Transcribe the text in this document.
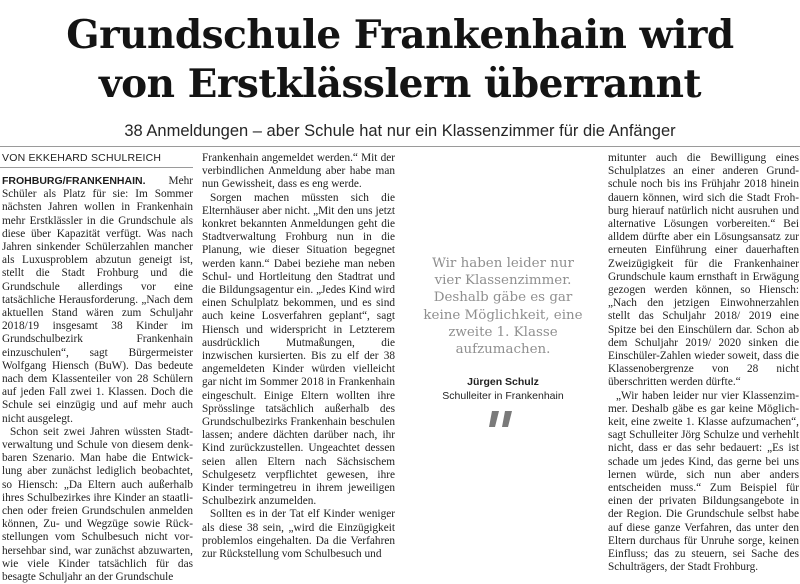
Grundschule Frankenhain wird
von Erstklässlern überrannt
38 Anmeldungen – aber Schule hat nur ein Klassenzimmer für die Anfänger
VON EKKEHARD SCHULREICH

FROHBURG/FRANKENHAIN. Mehr Schüler als Platz für sie: Im Sommer nächsten Jahren wollen in Frankenhain mehr Erstklässler in die Grundschule als diese über Kapazität verfügt. Was nach Jahren sinkender Schülerzahlen mancher als Luxusproblem abzutun geneigt ist, stellt die Stadt Frohburg und die Grundschule allerdings vor eine tatsächliche Herausforderung. „Nach dem aktuellen Stand wären zum Schuljahr 2018/19 insgesamt 38 Kinder im Grundschulbezirk Frankenhain einzuschulen“, sagt Bürgermeister Wolfgang Hiensch (BuW). Das bedeute nach dem Klassenteiler von 28 Schülern auf jeden Fall zwei 1. Klassen. Doch die Schule sei einzügig und auf mehr auch nicht ausgelegt.

Schon seit zwei Jahren wüssten Stadtverwaltung und Schule von diesem denkbaren Szenario. Man habe die Entwicklung aber zunächst lediglich beobachtet, so Hiensch: „Da Eltern auch außerhalb ihres Schulbezirkes ihre Kinder an staatlichen oder freien Grundschulen anmelden können, Zu- und Wegzüge sowie Rückstellungen vom Schulbesuch nicht vorhersehbar sind, war zunächst abzuwarten, wie viele Kinder tatsächlich für das besagte Schuljahr an der Grundschule

Frankenhain angemeldet werden.“ Mit der verbindlichen Anmeldung aber habe man nun Gewissheit, dass es eng werde.

Sorgen machen müssten sich die Elternhäuser aber nicht. „Mit den uns jetzt konkret bekannten Anmeldungen geht die Stadtverwaltung Frohburg nun in die Planung, wie dieser Situation begegnet werden kann.“ Dabei beziehe man neben Schul- und Hortleitung den Stadtrat und die Bildungsagentur ein. „Jedes Kind wird einen Schulplatz bekommen, und es sind auch keine Losverfahren geplant“, sagt Hiensch und widerspricht in Letzterem ausdrücklich Mutmaßungen, die inzwischen kursierten. Bis zu elf der 38 angemeldeten Kinder würden vielleicht gar nicht im Sommer 2018 in Frankenhain eingeschult. Einige Eltern wollten ihre Sprösslinge tatsächlich außerhalb des Grundschulbezirks Frankenhain beschulen lassen; andere dächten darüber nach, ihr Kind zurückzustellen. Ungeachtet dessen seien allen Eltern nach Sächsischem Schulgesetz verpflichtet gewesen, ihre Kinder termingetreu in ihrem jeweiligen Schulbezirk anzumelden.

Sollten es in der Tat elf Kinder weniger als diese 38 sein, „wird die Einzügigkeit problemlos eingehalten. Da die Verfahren zur Rückstellung vom Schulbesuch und

Wir haben leider nur vier Klassenzimmer. Deshalb gäbe es gar keine Möglichkeit, eine zweite 1. Klasse aufzumachen.

Jürgen Schulz
Schulleiter in Frankenhain

mitunter auch die Bewilligung eines Schulplatzes an einer anderen Grundschule noch bis ins Frühjahr 2018 hinein dauern können, wird sich die Stadt Frohburg hierauf natürlich nicht ausruhen und alternative Lösungen vorbereiten.“ Bei alldem dürfte aber ein Lösungsansatz zur erneuten Einführung einer dauerhaften Zweizügigkeit für die Frankenhainer Grundschule kaum ernsthaft in Erwägung gezogen werden können, so Hiensch: „Nach den jetzigen Einwohnerzahlen stellt das Schuljahr 2018/ 2019 eine Spitze bei den Einschülern dar. Schon ab dem Schuljahr 2019/ 2020 sinken die Einschüler-Zahlen wieder soweit, dass die Klassenobergrenze von 28 nicht überschritten werden dürfte.“

„Wir haben leider nur vier Klassenzimmer. Deshalb gäbe es gar keine Möglichkeit, eine zweite 1. Klasse aufzumachen“, sagt Schulleiter Jörg Schulze und verhehlt nicht, dass er das sehr bedauert: „Es ist schade um jedes Kind, das gerne bei uns lernen würde, sich nun aber anders entscheiden muss.“ Zum Beispiel für einen der privaten Bildungsangebote in der Region. Die Grundschule selbst habe auf diese ganze Verfahren, das unter den Eltern durchaus für Unruhe sorge, keinen Einfluss; das zu steuern, sei Sache des Schulträgers, der Stadt Frohburg.
